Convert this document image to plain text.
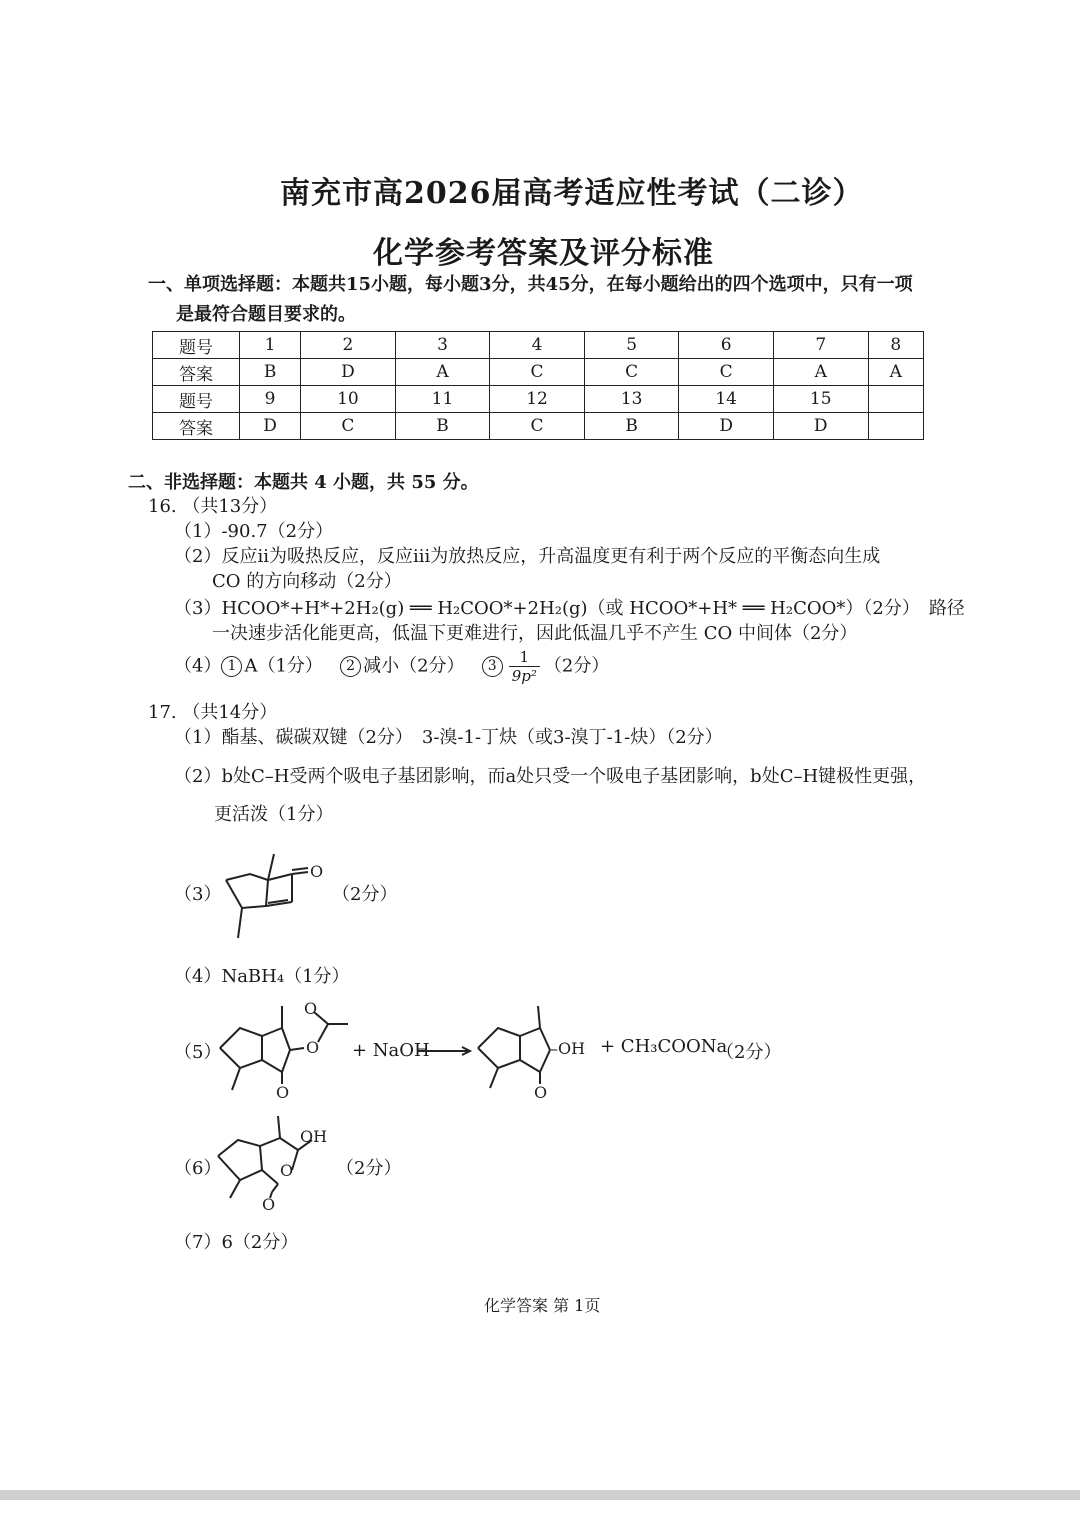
南充市高2026届高考适应性考试（二诊）
化学参考答案及评分标准
一、单项选择题：本题共15小题，每小题3分，共45分，在每小题给出的四个选项中，只有一项
是最符合题目要求的。
题号	1	2	3	4	5	6	7	8
答案	B	D	A	C	C	C	A	A
题号	9	10	11	12	13	14	15	
答案	D	C	B	C	B	D	D	
二、非选择题：本题共 4 小题，共 55 分。
16. （共13分）
（1）-90.7（2分）
（2）反应ii为吸热反应，反应iii为放热反应，升高温度更有利于两个反应的平衡态向生成
CO 的方向移动（2分）
（3）HCOO*+H*+2H₂(g) ══ H₂COO*+2H₂(g)（或 HCOO*+H* ══ H₂COO*）（2分）　路径
一决速步活化能更高，低温下更难进行，因此低温几乎不产生 CO 中间体（2分）
（4） 1 A（1分） 2 减小（2分） $3 \frac{1}{\text{9p²}} (2$分）
17. （共14分）
（1）酯基、碳碳双键（2分）　3-溴-1-丁炔（或3-溴丁-1-炔）（2分）
（2）b处C–H受两个吸电子基团影响，而a处只受一个吸电子基团影响，b处C–H键极性更强，
更活泼（1分）
（3）
O
（2分）
（4）NaBH₄（1分）
（5）
O
O
O
+ NaOH
O
–OH + CH₃COONa
（2分）
（6）
OH
O
O
（2分）
（7）6（2分）
化学答案 第 1页
